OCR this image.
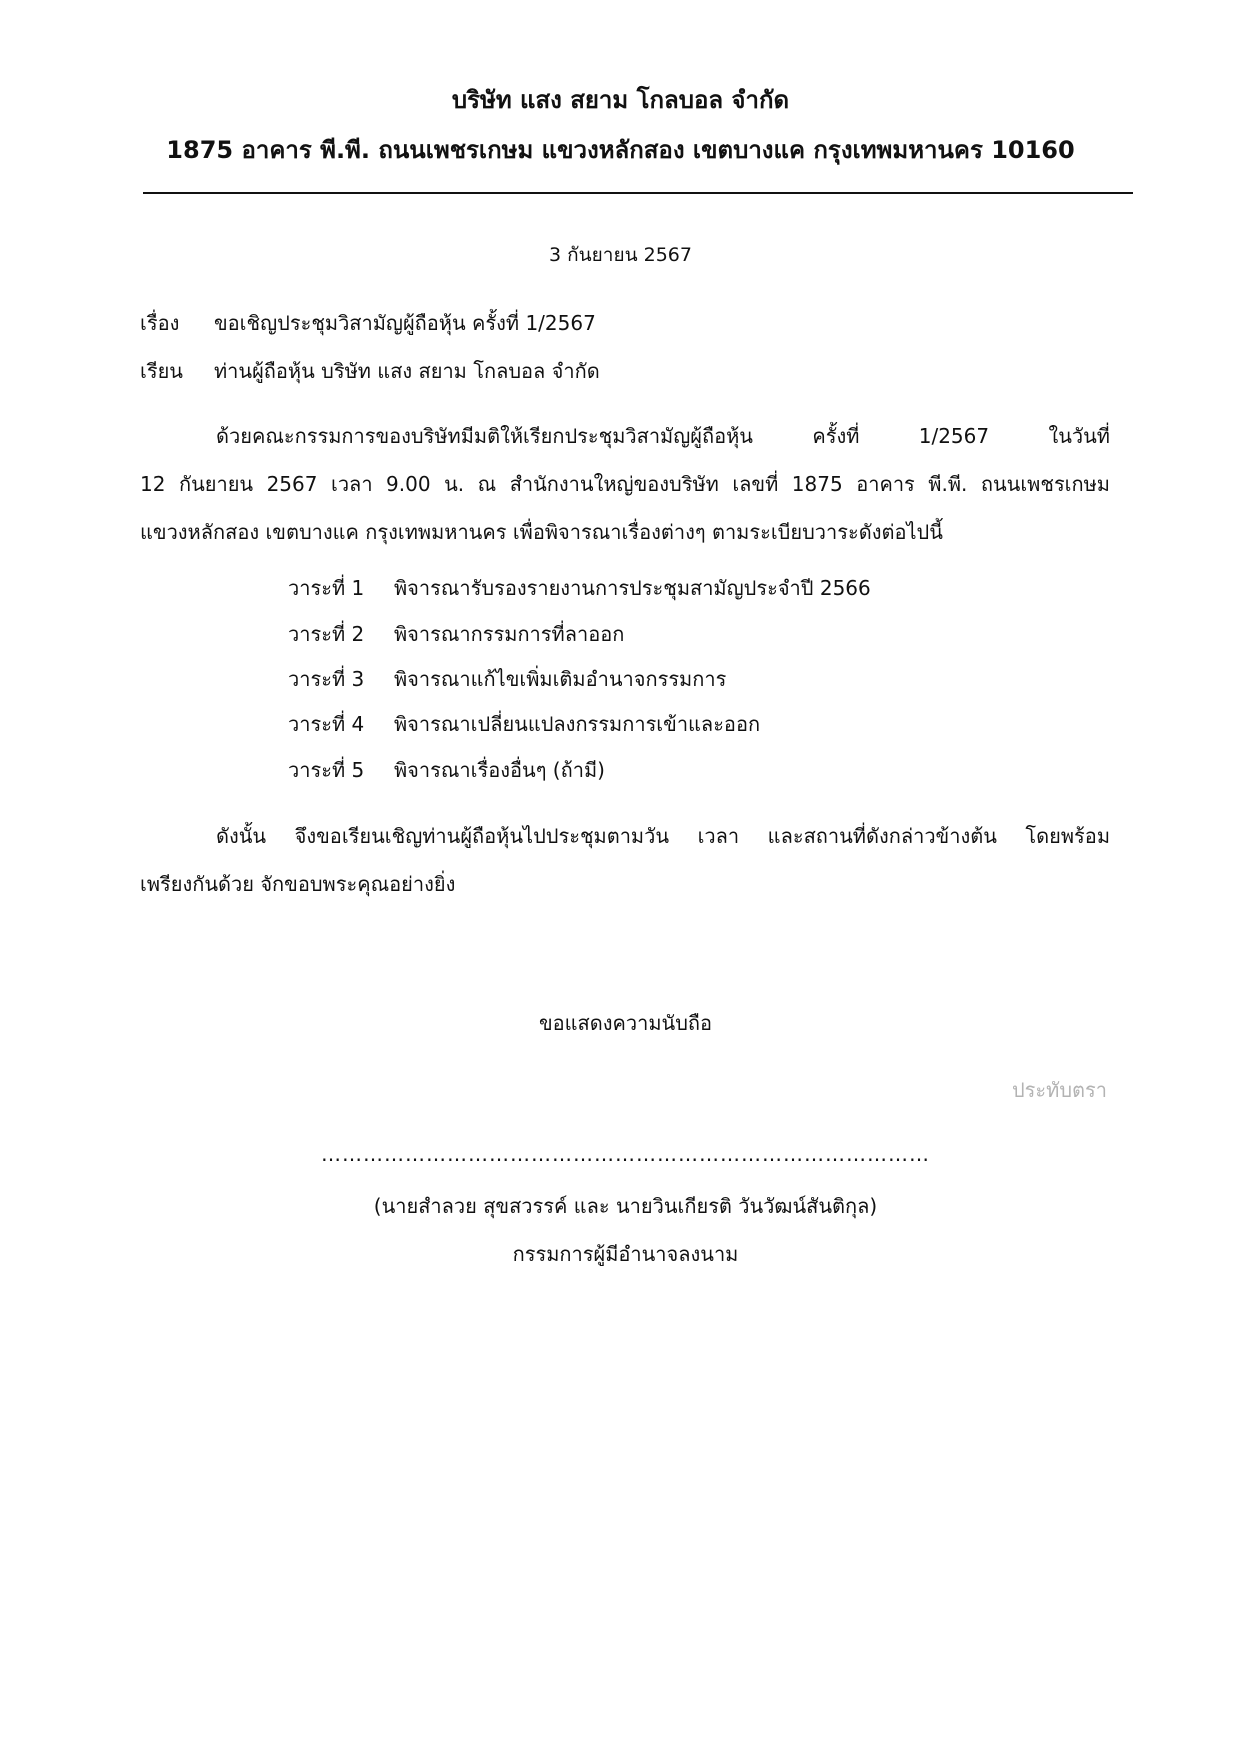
บริษัท แสง สยาม โกลบอล จำกัด
1875 อาคาร พี.พี. ถนนเพชรเกษม แขวงหลักสอง เขตบางแค กรุงเทพมหานคร 10160
3 กันยายน 2567
เรื่อง ขอเชิญประชุมวิสามัญผู้ถือหุ้น ครั้งที่ 1/2567
เรียน ท่านผู้ถือหุ้น บริษัท แสง สยาม โกลบอล จำกัด
ด้วยคณะกรรมการของบริษัทมีมติให้เรียกประชุมวิสามัญผู้ถือหุ้น ครั้งที่ 1/2567 ในวันที่
12 กันยายน 2567 เวลา 9.00 น. ณ สำนักงานใหญ่ของบริษัท เลขที่ 1875 อาคาร พี.พี. ถนนเพชรเกษม
แขวงหลักสอง เขตบางแค กรุงเทพมหานคร เพื่อพิจารณาเรื่องต่างๆ ตามระเบียบวาระดังต่อไปนี้
วาระที่ 1 พิจารณารับรองรายงานการประชุมสามัญประจำปี 2566
วาระที่ 2 พิจารณากรรมการที่ลาออก
วาระที่ 3 พิจารณาแก้ไขเพิ่มเติมอำนาจกรรมการ
วาระที่ 4 พิจารณาเปลี่ยนแปลงกรรมการเข้าและออก
วาระที่ 5 พิจารณาเรื่องอื่นๆ (ถ้ามี)
ดังนั้น จึงขอเรียนเชิญท่านผู้ถือหุ้นไปประชุมตามวัน เวลา และสถานที่ดังกล่าวข้างต้น โดยพร้อม
เพรียงกันด้วย จักขอบพระคุณอย่างยิ่ง
ขอแสดงความนับถือ
ประทับตรา
……………………………………………………………………………
(นายสำลวย สุขสวรรค์ และ นายวินเกียรติ วันวัฒน์สันติกุล)
กรรมการผู้มีอำนาจลงนาม
